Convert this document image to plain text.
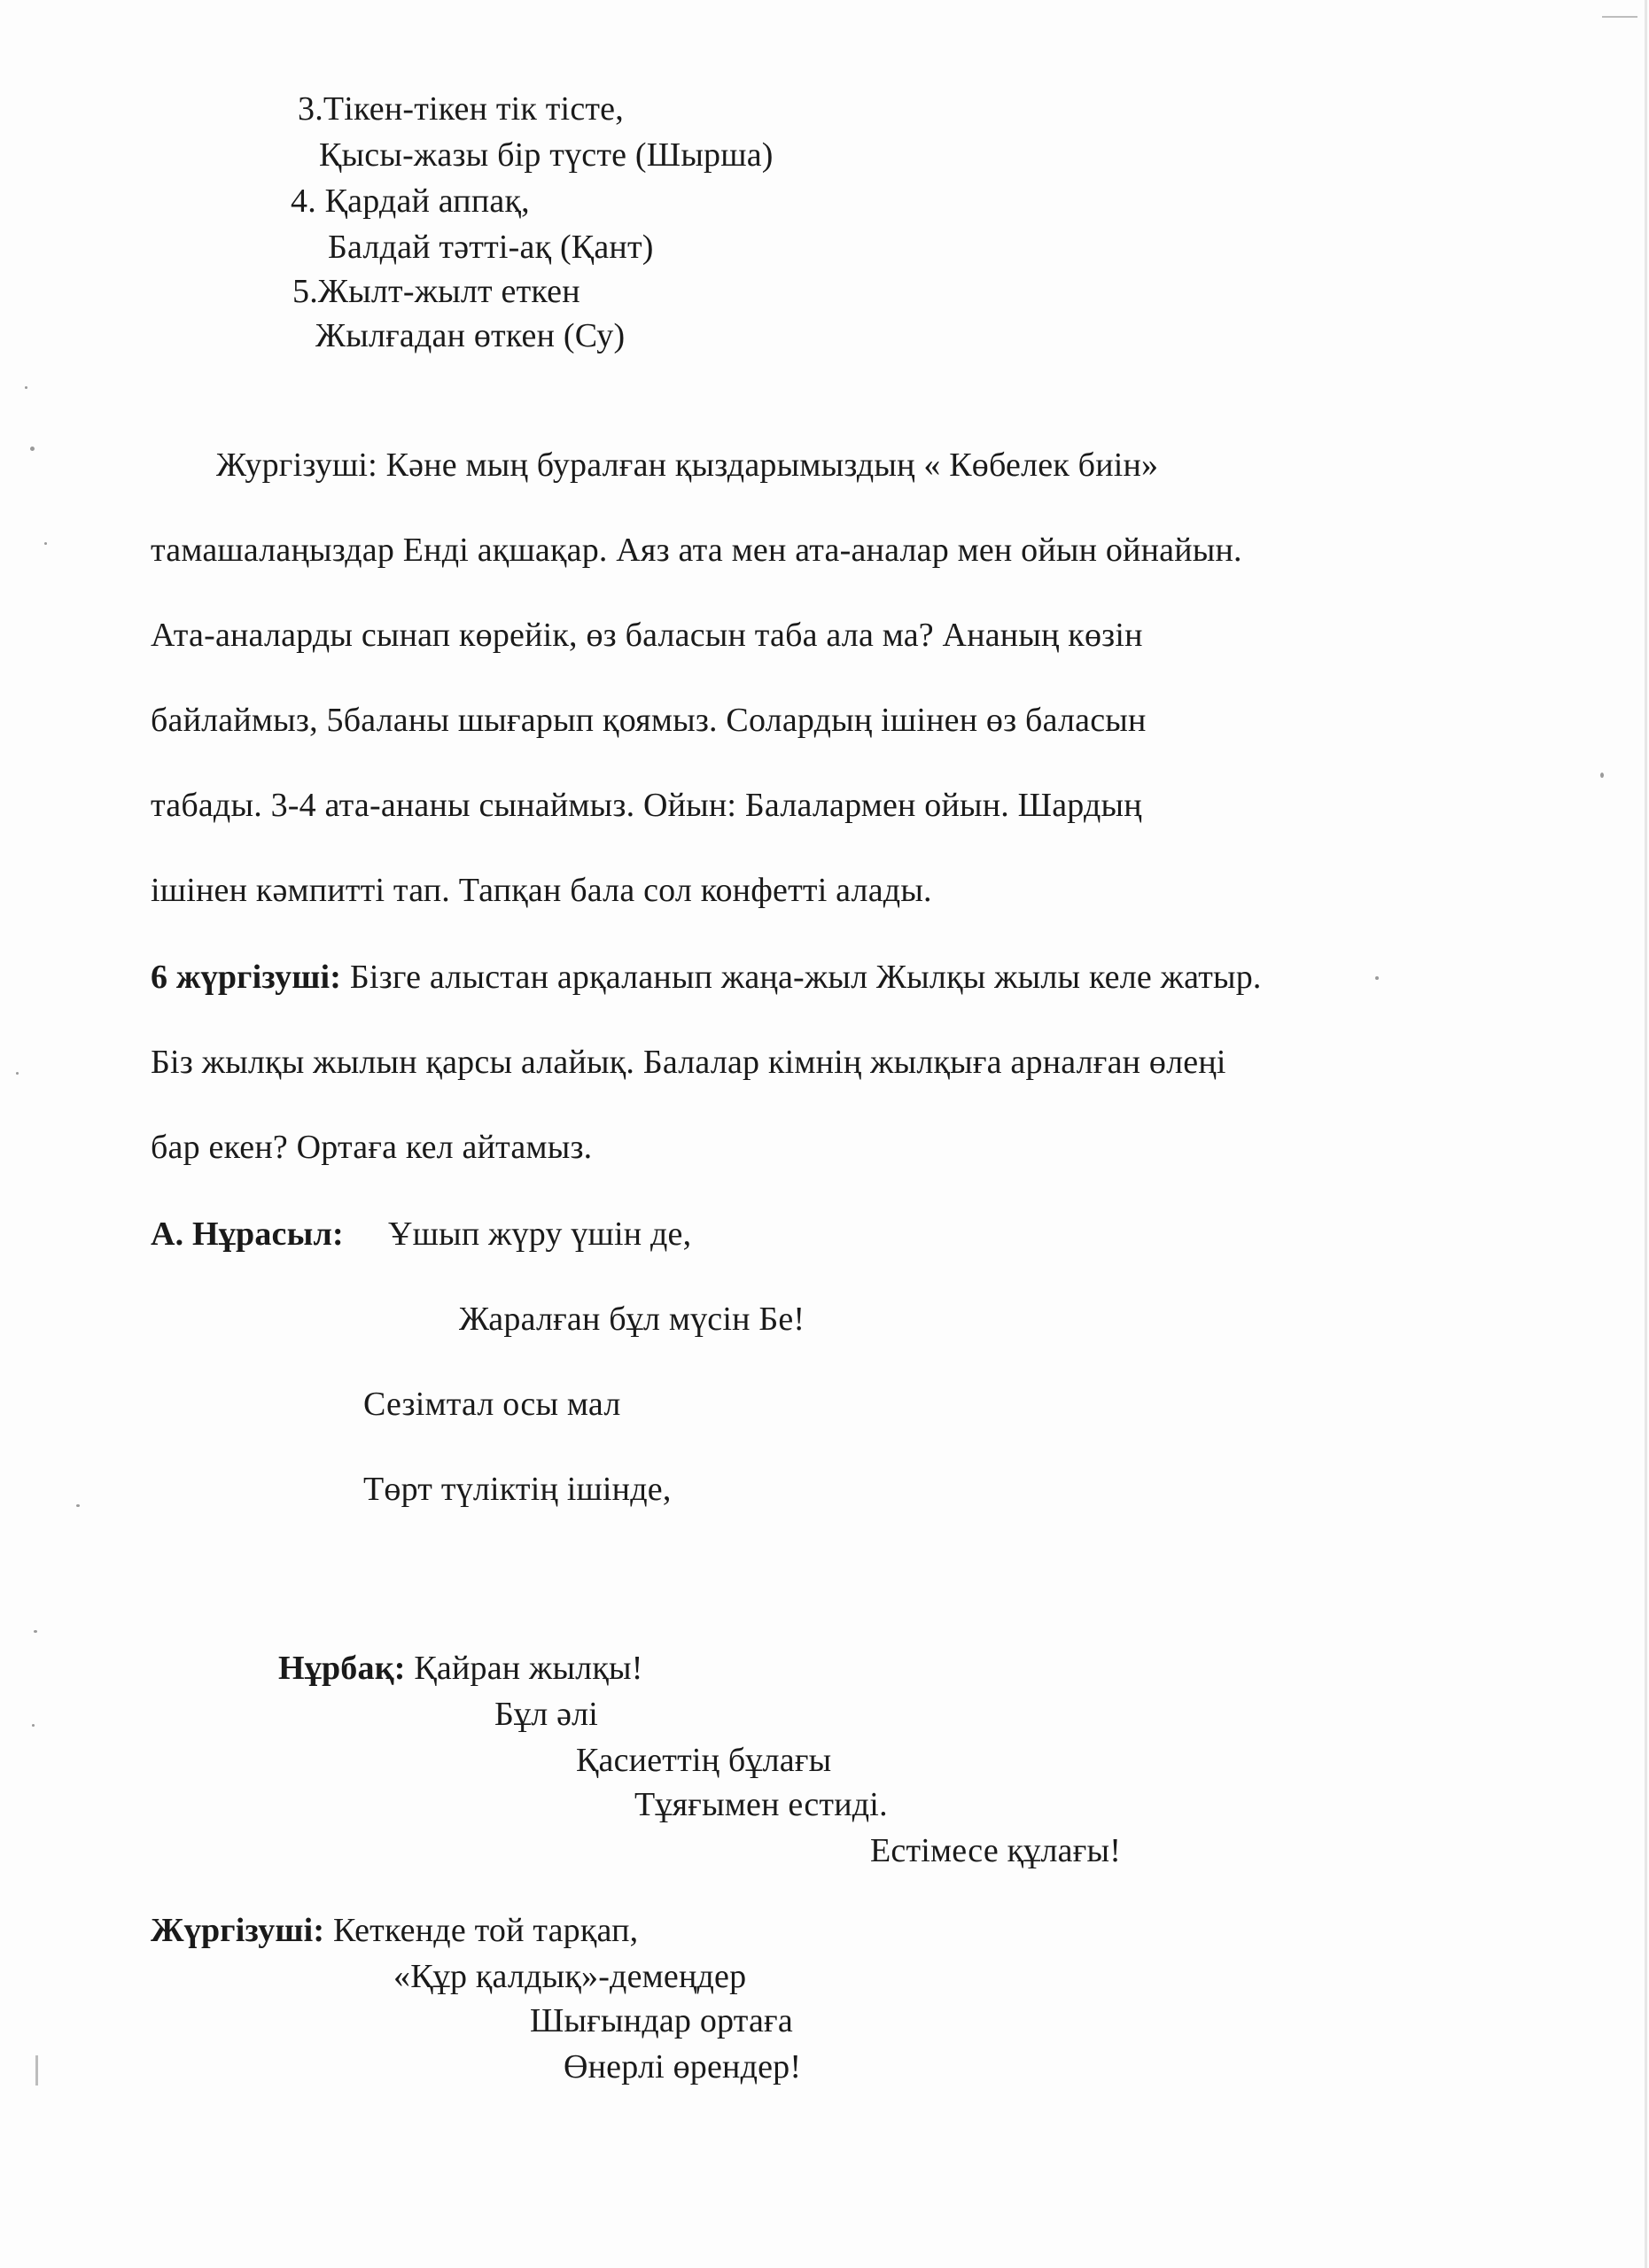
3.Тікен-тікен тік тісте,
Қысы-жазы бір түсте (Шырша)
4. Қардай аппақ,
Балдай тәтті-ақ (Қант)
5.Жылт-жылт еткен
Жылғадан өткен (Су)
Жургізуші: Кәне мың буралған қыздарымыздың « Көбелек биін»
тамашалаңыздар Енді ақшақар. Аяз ата мен ата-аналар мен ойын ойнайын.
Ата-аналарды сынап көрейік, өз баласын таба ала ма? Ананың көзін
байлаймыз, 5баланы шығарып қоямыз. Солардың ішінен өз баласын
табады. 3-4 ата-ананы сынаймыз. Ойын: Балалармен ойын. Шардың
ішінен кәмпитті тап. Тапқан бала сол конфетті алады.
6 жүргізуші: Бізге алыстан арқаланып жаңа-жыл Жылқы жылы келе жатыр.
Біз жылқы жылын қарсы алайық. Балалар кімнің жылқыға арналған өлеңі
бар екен? Ортаға кел айтамыз.
А. Нұрасыл: Ұшып жүру үшін де,
Жаралған бұл мүсін Бе!
Сезімтал осы мал
Төрт түліктің ішінде,
Нұрбақ: Қайран жылқы!
Бұл әлі
Қасиеттің бұлағы
Тұяғымен естиді.
Естімесе құлағы!
Жүргізуші: Кеткенде той тарқап,
«Құр қалдық»-демеңдер
Шығындар ортаға
Өнерлі өрендер!
